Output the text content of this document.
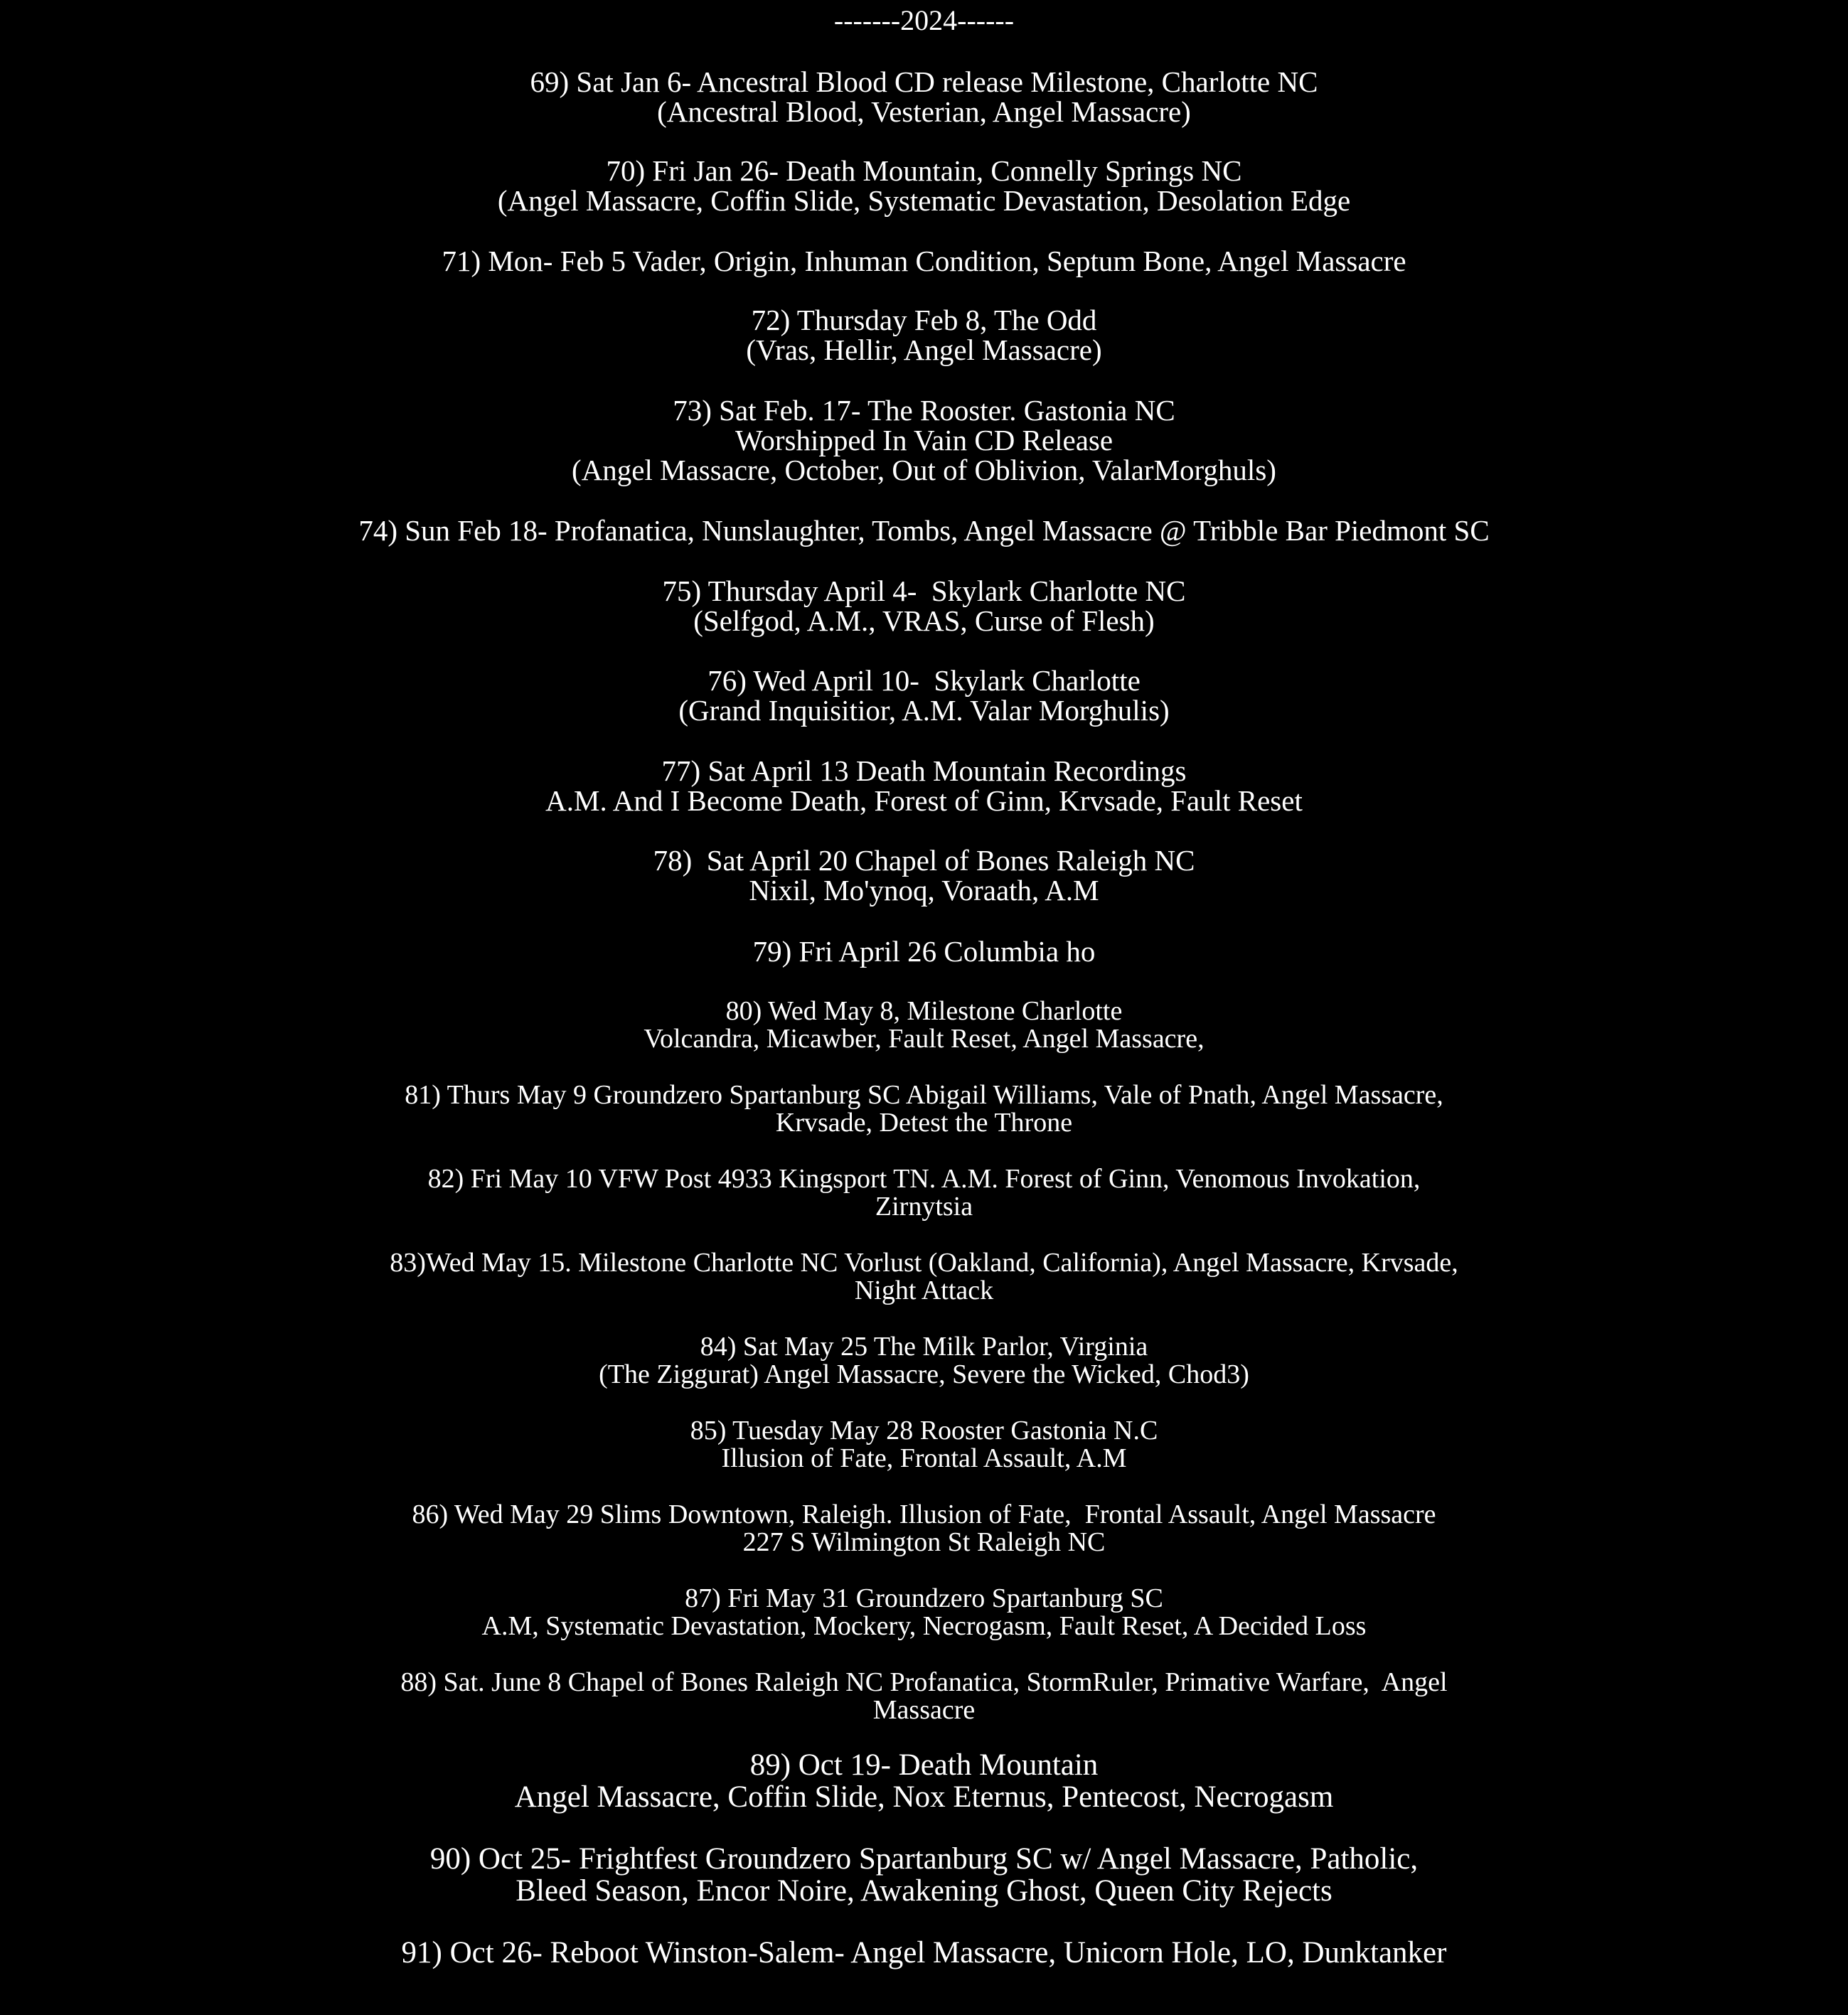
-------2024------
69) Sat Jan 6- Ancestral Blood CD release Milestone, Charlotte NC
(Ancestral Blood, Vesterian, Angel Massacre)
70) Fri Jan 26- Death Mountain, Connelly Springs NC
(Angel Massacre, Coffin Slide, Systematic Devastation, Desolation Edge
71) Mon- Feb 5 Vader, Origin, Inhuman Condition, Septum Bone, Angel Massacre
72) Thursday Feb 8, The Odd
(Vras, Hellir, Angel Massacre)
73) Sat Feb. 17- The Rooster. Gastonia NC
Worshipped In Vain CD Release
(Angel Massacre, October, Out of Oblivion, ValarMorghuls)
74) Sun Feb 18- Profanatica, Nunslaughter, Tombs, Angel Massacre @ Tribble Bar Piedmont SC
75) Thursday April 4-  Skylark Charlotte NC
(Selfgod, A.M., VRAS, Curse of Flesh)
76) Wed April 10-  Skylark Charlotte
(Grand Inquisitior, A.M. Valar Morghulis)
77) Sat April 13 Death Mountain Recordings
A.M. And I Become Death, Forest of Ginn, Krvsade, Fault Reset
78)  Sat April 20 Chapel of Bones Raleigh NC
Nixil, Mo'ynoq, Voraath, A.M
79) Fri April 26 Columbia ho
80) Wed May 8, Milestone Charlotte
Volcandra, Micawber, Fault Reset, Angel Massacre,
81) Thurs May 9 Groundzero Spartanburg SC Abigail Williams, Vale of Pnath, Angel Massacre,
Krvsade, Detest the Throne
82) Fri May 10 VFW Post 4933 Kingsport TN. A.M. Forest of Ginn, Venomous Invokation,
Zirnytsia
83)Wed May 15. Milestone Charlotte NC Vorlust (Oakland, California), Angel Massacre, Krvsade,
Night Attack
84) Sat May 25 The Milk Parlor, Virginia
(The Ziggurat) Angel Massacre, Severe the Wicked, Chod3)
85) Tuesday May 28 Rooster Gastonia N.C
Illusion of Fate, Frontal Assault, A.M
86) Wed May 29 Slims Downtown, Raleigh. Illusion of Fate,  Frontal Assault, Angel Massacre
227 S Wilmington St Raleigh NC
87) Fri May 31 Groundzero Spartanburg SC
A.M, Systematic Devastation, Mockery, Necrogasm, Fault Reset, A Decided Loss
88) Sat. June 8 Chapel of Bones Raleigh NC Profanatica, StormRuler, Primative Warfare,  Angel
Massacre
89) Oct 19- Death Mountain
Angel Massacre, Coffin Slide, Nox Eternus, Pentecost, Necrogasm
90) Oct 25- Frightfest Groundzero Spartanburg SC w/ Angel Massacre, Patholic,
Bleed Season, Encor Noire, Awakening Ghost, Queen City Rejects
91) Oct 26- Reboot Winston-Salem- Angel Massacre, Unicorn Hole, LO, Dunktanker
